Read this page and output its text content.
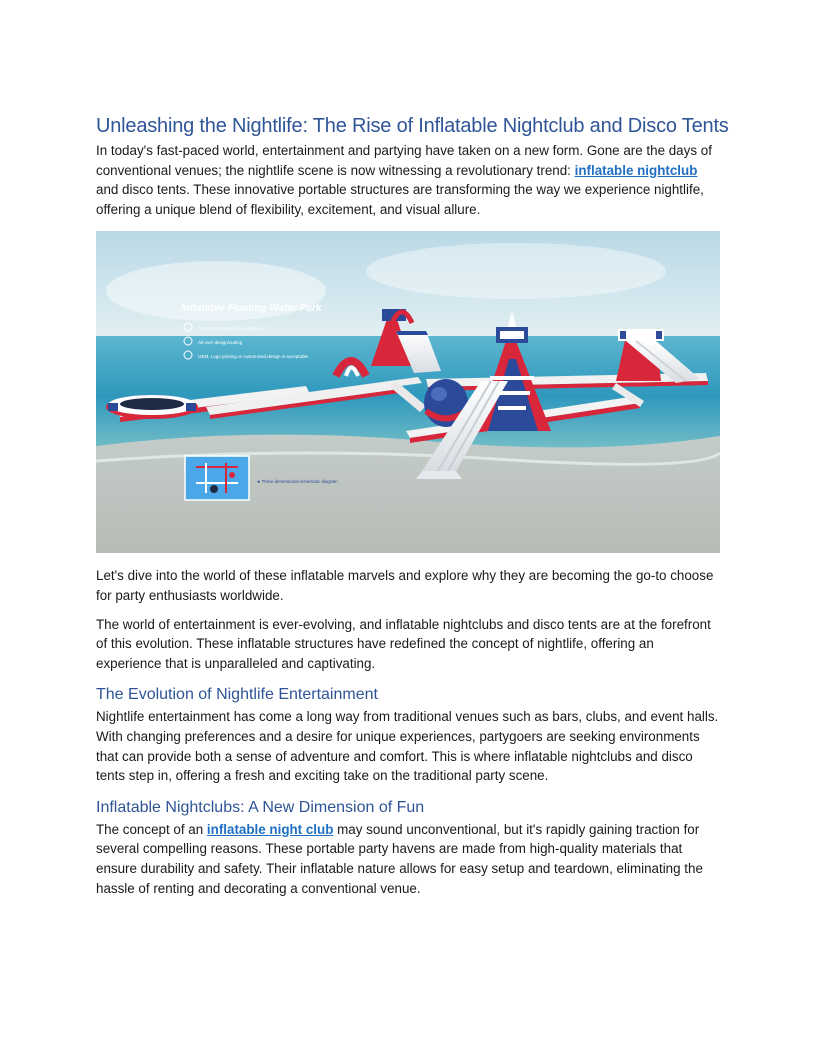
Unleashing the Nightlife: The Rise of Inflatable Nightclub and Disco Tents

In today's fast-paced world, entertainment and partying have taken on a new form. Gone are the days of conventional venues; the nightlife scene is now witnessing a revolutionary trend: inflatable nightclub and disco tents. These innovative portable structures are transforming the way we experience nightlife, offering a unique blend of flexibility, excitement, and visual allure.

Inflatable Floating Water Park
0.9mm PVC tarpaulin coated vinyl
All-over design/cutting
OEM, Logo printing or customized design is acceptable
◄ Three dimensional schematic diagram

Let's dive into the world of these inflatable marvels and explore why they are becoming the go-to choose for party enthusiasts worldwide.

The world of entertainment is ever-evolving, and inflatable nightclubs and disco tents are at the forefront of this evolution. These inflatable structures have redefined the concept of nightlife, offering an experience that is unparalleled and captivating.

The Evolution of Nightlife Entertainment

Nightlife entertainment has come a long way from traditional venues such as bars, clubs, and event halls. With changing preferences and a desire for unique experiences, partygoers are seeking environments that can provide both a sense of adventure and comfort. This is where inflatable nightclubs and disco tents step in, offering a fresh and exciting take on the traditional party scene.

Inflatable Nightclubs: A New Dimension of Fun

The concept of an inflatable night club may sound unconventional, but it's rapidly gaining traction for several compelling reasons. These portable party havens are made from high-quality materials that ensure durability and safety. Their inflatable nature allows for easy setup and teardown, eliminating the hassle of renting and decorating a conventional venue.
